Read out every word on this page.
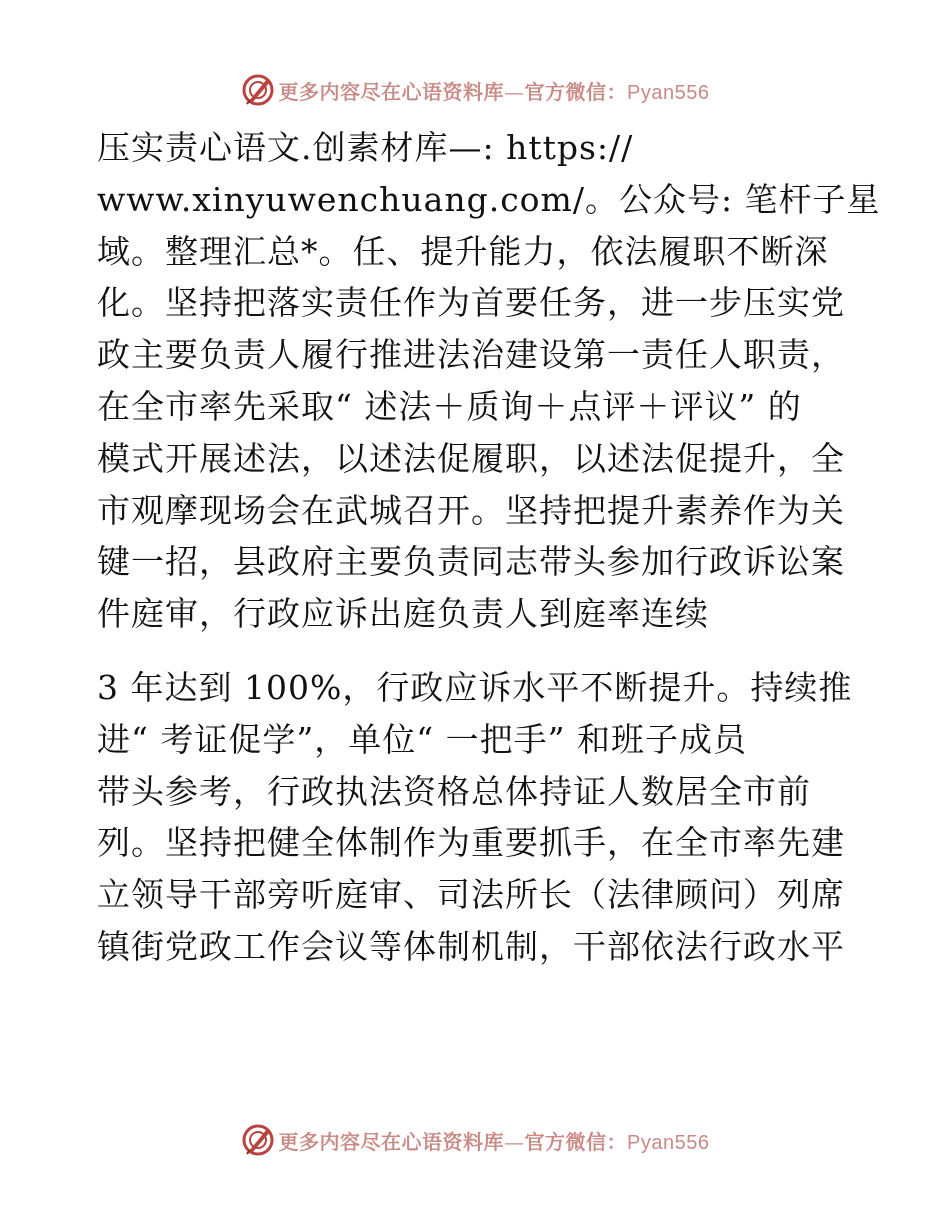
更多内容尽在心语资料库—官方微信：Pyan556
压实责心语文.创素材库—: https://
www.xinyuwenchuang.com/。公众号: 笔杆子星
域。整理汇总*。任、提升能力，依法履职不断深
化。坚持把落实责任作为首要任务，进一步压实党
政主要负责人履行推进法治建设第一责任人职责，
在全市率先采取“ 述法＋质询＋点评＋评议” 的
模式开展述法，以述法促履职，以述法促提升，全
市观摩现场会在武城召开。坚持把提升素养作为关
键一招，县政府主要负责同志带头参加行政诉讼案
件庭审，行政应诉出庭负责人到庭率连续
3 年达到 100%，行政应诉水平不断提升。持续推
进“ 考证促学”，单位“ 一把手” 和班子成员
带头参考，行政执法资格总体持证人数居全市前
列。坚持把健全体制作为重要抓手，在全市率先建
立领导干部旁听庭审、司法所长（法律顾问）列席
镇街党政工作会议等体制机制，干部依法行政水平
更多内容尽在心语资料库—官方微信：Pyan556
